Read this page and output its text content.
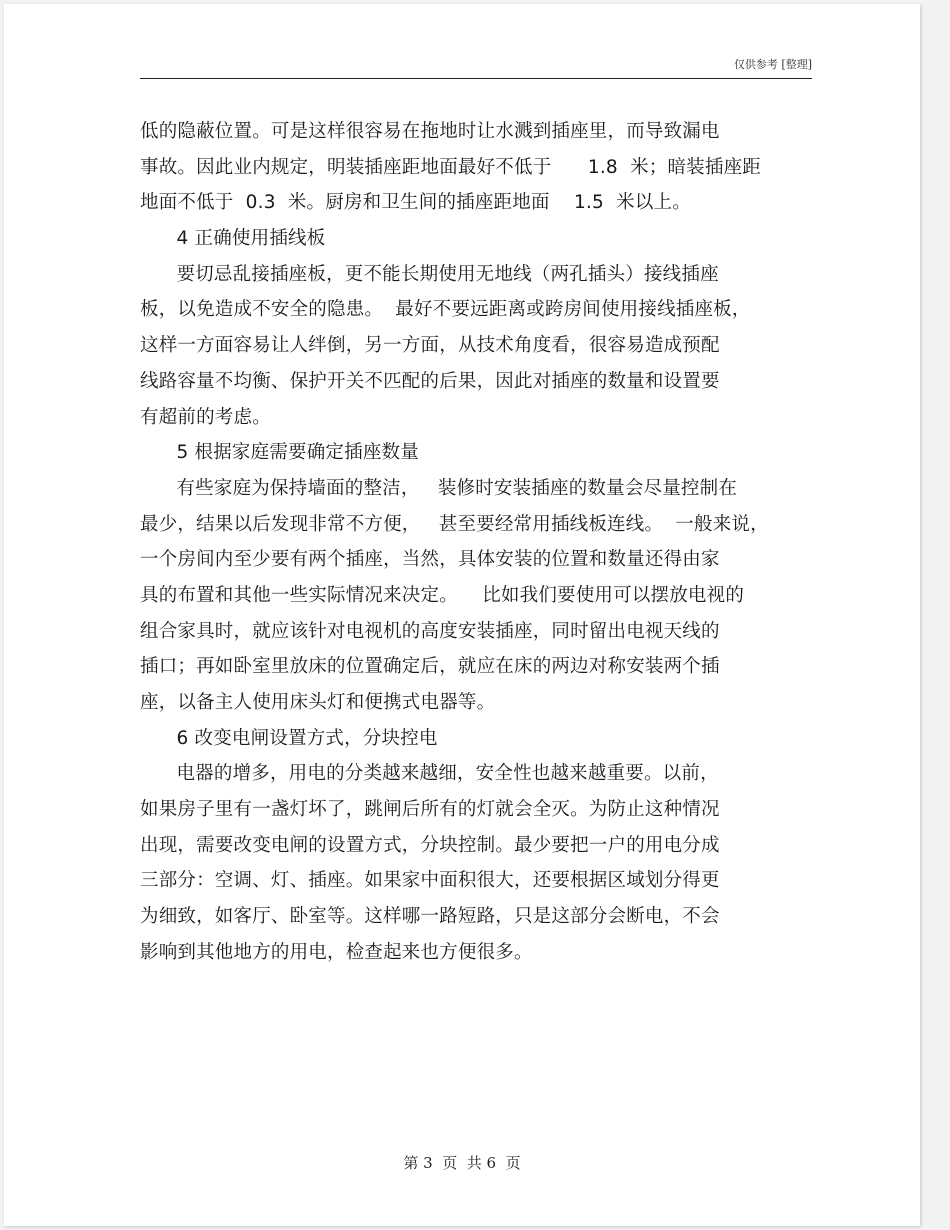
仅供参考 [整理]
低的隐蔽位置。可是这样很容易在拖地时让水溅到插座里，而导致漏电
事故。因此业内规定，明装插座距地面最好不低于      1.8  米；暗装插座距
地面不低于  0.3  米。厨房和卫生间的插座距地面    1.5  米以上。
4 正确使用插线板
要切忌乱接插座板，更不能长期使用无地线（两孔插头）接线插座
板，以免造成不安全的隐患。  最好不要远距离或跨房间使用接线插座板，
这样一方面容易让人绊倒，另一方面，从技术角度看，很容易造成预配
线路容量不均衡、保护开关不匹配的后果，因此对插座的数量和设置要
有超前的考虑。
5 根据家庭需要确定插座数量
有些家庭为保持墙面的整洁，   装修时安装插座的数量会尽量控制在
最少，结果以后发现非常不方便，   甚至要经常用插线板连线。  一般来说，
一个房间内至少要有两个插座，当然，具体安装的位置和数量还得由家
具的布置和其他一些实际情况来决定。    比如我们要使用可以摆放电视的
组合家具时，就应该针对电视机的高度安装插座，同时留出电视天线的
插口；再如卧室里放床的位置确定后，就应在床的两边对称安装两个插
座，以备主人使用床头灯和便携式电器等。
6 改变电闸设置方式，分块控电
电器的增多，用电的分类越来越细，安全性也越来越重要。以前，
如果房子里有一盏灯坏了，跳闸后所有的灯就会全灭。为防止这种情况
出现，需要改变电闸的设置方式，分块控制。最少要把一户的用电分成
三部分：空调、灯、插座。如果家中面积很大，还要根据区域划分得更
为细致，如客厅、卧室等。这样哪一路短路，只是这部分会断电，不会
影响到其他地方的用电，检查起来也方便很多。
第 3  页  共 6  页
